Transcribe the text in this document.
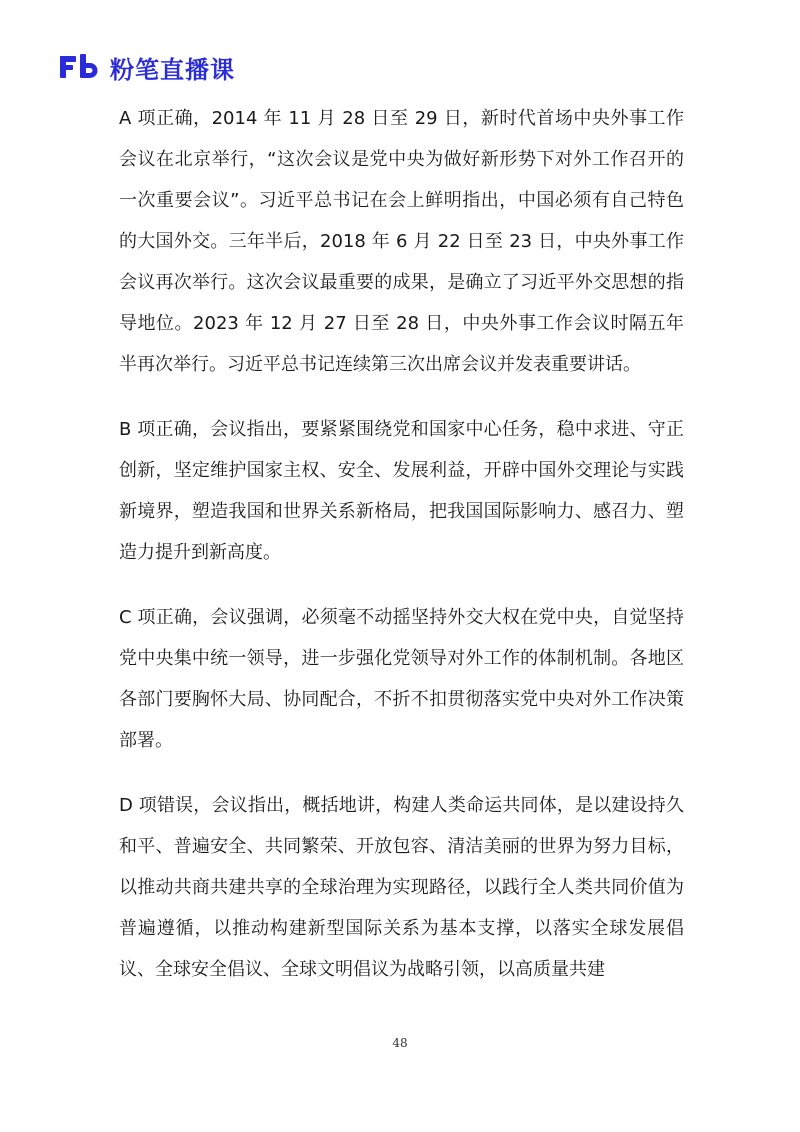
粉笔直播课

A 项正确，2014 年 11 月 28 日至 29 日，新时代首场中央外事工作会议在北京举行，“这次会议是党中央为做好新形势下对外工作召开的一次重要会议”。习近平总书记在会上鲜明指出，中国必须有自己特色的大国外交。三年半后，2018 年 6 月 22 日至 23 日，中央外事工作会议再次举行。这次会议最重要的成果，是确立了习近平外交思想的指导地位。2023 年 12 月 27 日至 28 日，中央外事工作会议时隔五年半再次举行。习近平总书记连续第三次出席会议并发表重要讲话。

B 项正确，会议指出，要紧紧围绕党和国家中心任务，稳中求进、守正创新，坚定维护国家主权、安全、发展利益，开辟中国外交理论与实践新境界，塑造我国和世界关系新格局，把我国国际影响力、感召力、塑造力提升到新高度。

C 项正确，会议强调，必须毫不动摇坚持外交大权在党中央，自觉坚持党中央集中统一领导，进一步强化党领导对外工作的体制机制。各地区各部门要胸怀大局、协同配合，不折不扣贯彻落实党中央对外工作决策部署。

D 项错误，会议指出，概括地讲，构建人类命运共同体，是以建设持久和平、普遍安全、共同繁荣、开放包容、清洁美丽的世界为努力目标，以推动共商共建共享的全球治理为实现路径，以践行全人类共同价值为普遍遵循，以推动构建新型国际关系为基本支撑，以落实全球发展倡议、全球安全倡议、全球文明倡议为战略引领，以高质量共建

48
